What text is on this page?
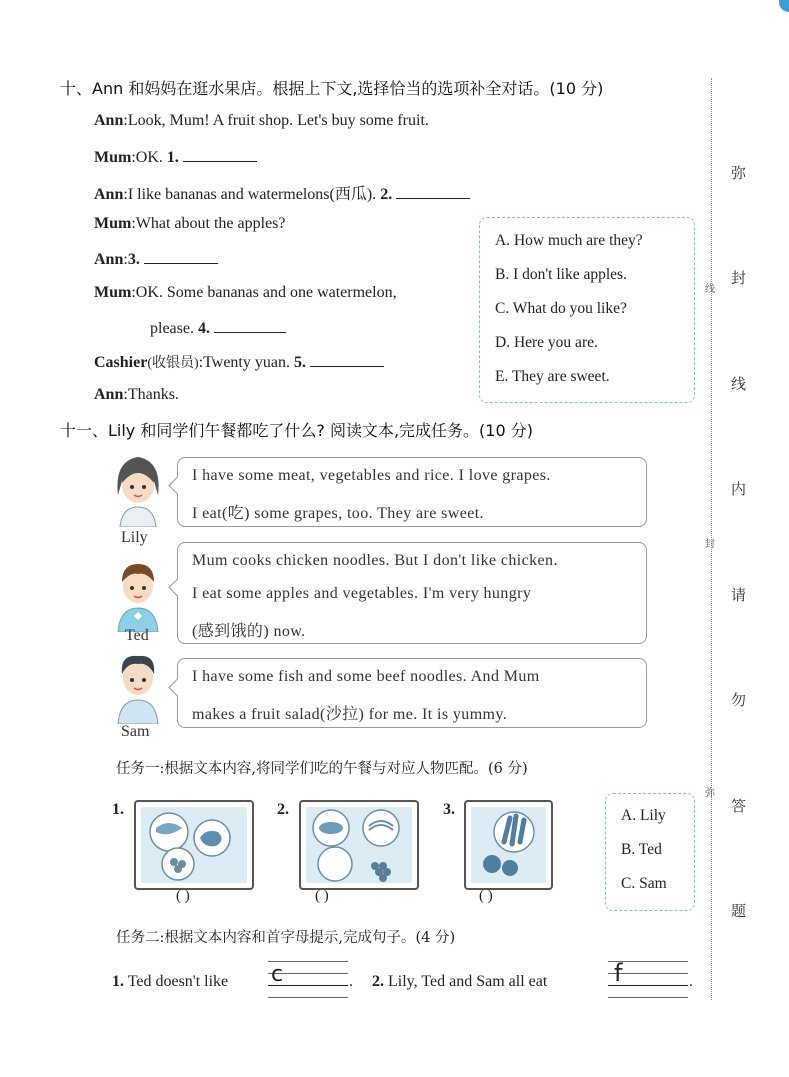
十、Ann 和妈妈在逛水果店。根据上下文,选择恰当的选项补全对话。(10 分)
Ann:Look, Mum! A fruit shop. Let's buy some fruit.
Mum:OK. 1.
Ann:I like bananas and watermelons(西瓜). 2.
Mum:What about the apples?
Ann:3.
Mum:OK. Some bananas and one watermelon,
please. 4.
Cashier(收银员):Twenty yuan. 5.
Ann:Thanks.
A. How much are they?
B. I don't like apples.
C. What do you like?
D. Here you are.
E. They are sweet.
十一、Lily 和同学们午餐都吃了什么? 阅读文本,完成任务。(10 分)
Lily

I have some meat, vegetables and rice. I love grapes.

I eat(吃) some grapes, too. They are sweet.

Ted

Mum cooks chicken noodles. But I don't like chicken.

I eat some apples and vegetables. I'm very hungry

(感到饿的) now.

Sam

I have some fish and some beef noodles. And Mum

makes a fruit salad(沙拉) for me. It is yummy.

任务一:根据文本内容,将同学们吃的午餐与对应人物匹配。(6 分)
1.
( )
2.
( )
3.
( )
A. Lily
B. Ted
C. Sam
任务二:根据文本内容和首字母提示,完成句子。(4 分)
1. Ted doesn't like c	. 2. Lily, Ted and Sam all eat	f	.
线
封
弥
弥
封
线
内
请
勿
答
题
